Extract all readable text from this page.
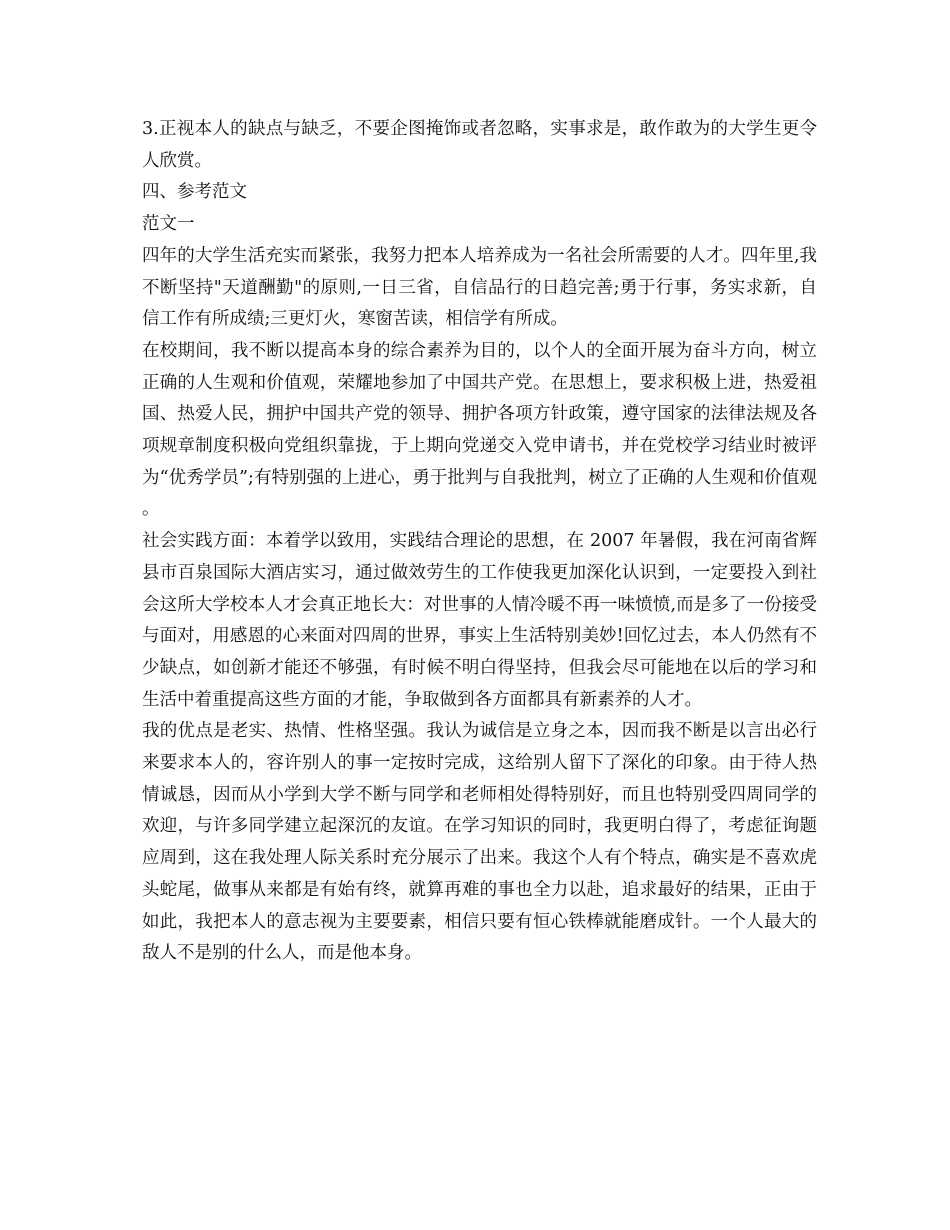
3.正视本人的缺点与缺乏，不要企图掩饰或者忽略，实事求是，敢作敢为的大学生更令人欣赏。

四、参考范文

范文一

四年的大学生活充实而紧张，我努力把本人培养成为一名社会所需要的人才。四年里,我不断坚持"天道酬勤"的原则,一日三省，自信品行的日趋完善;勇于行事，务实求新，自信工作有所成绩;三更灯火，寒窗苦读，相信学有所成。

在校期间，我不断以提高本身的综合素养为目的，以个人的全面开展为奋斗方向，树立正确的人生观和价值观，荣耀地参加了中国共产党。在思想上，要求积极上进，热爱祖国、热爱人民，拥护中国共产党的领导、拥护各项方针政策，遵守国家的法律法规及各项规章制度积极向党组织靠拢，于上期向党递交入党申请书，并在党校学习结业时被评为“优秀学员”;有特别强的上进心，勇于批判与自我批判，树立了正确的人生观和价值观。

社会实践方面：本着学以致用，实践结合理论的思想，在 2007 年暑假，我在河南省辉县市百泉国际大酒店实习，通过做效劳生的工作使我更加深化认识到，一定要投入到社会这所大学校本人才会真正地长大：对世事的人情冷暖不再一味愤愤,而是多了一份接受与面对，用感恩的心来面对四周的世界，事实上生活特别美妙!回忆过去，本人仍然有不少缺点，如创新才能还不够强，有时候不明白得坚持，但我会尽可能地在以后的学习和生活中着重提高这些方面的才能，争取做到各方面都具有新素养的人才。

我的优点是老实、热情、性格坚强。我认为诚信是立身之本，因而我不断是以言出必行来要求本人的，容许别人的事一定按时完成，这给别人留下了深化的印象。由于待人热情诚恳，因而从小学到大学不断与同学和老师相处得特别好，而且也特别受四周同学的欢迎，与许多同学建立起深沉的友谊。在学习知识的同时，我更明白得了，考虑征询题应周到，这在我处理人际关系时充分展示了出来。我这个人有个特点，确实是不喜欢虎头蛇尾，做事从来都是有始有终，就算再难的事也全力以赴，追求最好的结果，正由于如此，我把本人的意志视为主要要素，相信只要有恒心铁棒就能磨成针。一个人最大的敌人不是别的什么人，而是他本身。
